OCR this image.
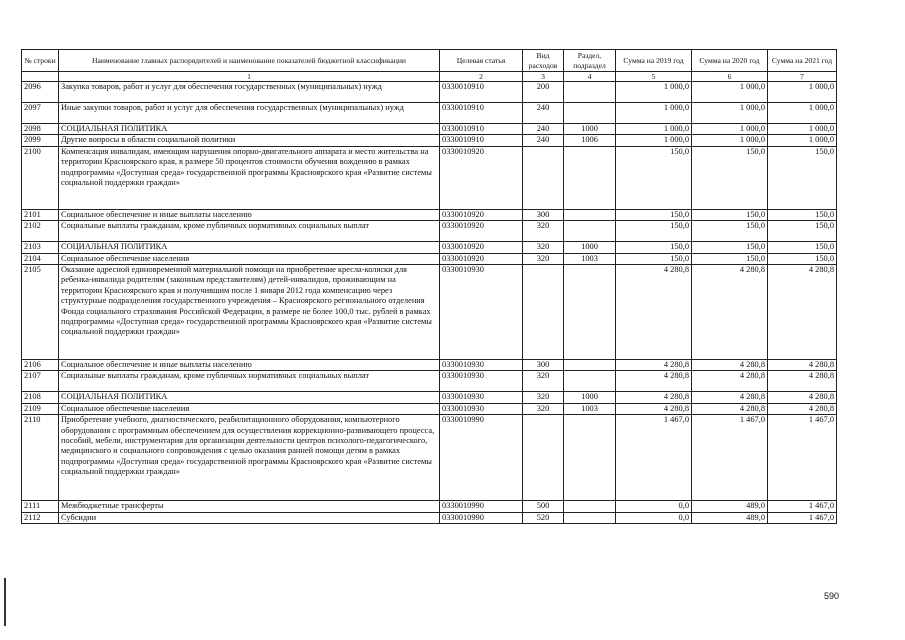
№ строки	Наименование главных распорядителей и наименование показателей бюджетной классификации	Целевая статья	Вид расходов	Раздел, подраздел	Сумма на 2019 год	Сумма на 2020 год	Сумма на 2021 год
	1	2	3	4	5	6	7
2096	Закупка товаров, работ и услуг для обеспечения государственных (муниципальных) нужд	0330010910	200		1 000,0	1 000,0	1 000,0
2097	Иные закупки товаров, работ и услуг для обеспечения государственных (муниципальных) нужд	0330010910	240		1 000,0	1 000,0	1 000,0
2098	СОЦИАЛЬНАЯ ПОЛИТИКА	0330010910	240	1000	1 000,0	1 000,0	1 000,0
2099	Другие вопросы в области социальной политики	0330010910	240	1006	1 000,0	1 000,0	1 000,0
2100	Компенсация инвалидам, имеющим нарушения опорно-двигательного аппарата и место жительства на территории Красноярского края, в размере 50 процентов стоимости обучения вождению в рамках подпрограммы «Доступная среда» государственной программы Красноярского края «Развитие системы социальной поддержки граждан»	0330010920			150,0	150,0	150,0
2101	Социальное обеспечение и иные выплаты населению	0330010920	300		150,0	150,0	150,0
2102	Социальные выплаты гражданам, кроме публичных нормативных социальных выплат	0330010920	320		150,0	150,0	150,0
2103	СОЦИАЛЬНАЯ ПОЛИТИКА	0330010920	320	1000	150,0	150,0	150,0
2104	Социальное обеспечение населения	0330010920	320	1003	150,0	150,0	150,0
2105	Оказание адресной единовременной материальной помощи на приобретение кресла-коляски для ребенка-инвалида родителям (законным представителям) детей-инвалидов, проживающим на территории Красноярского края и получившим после 1 января 2012 года компенсацию через структурные подразделения государственного учреждения – Красноярского регионального отделения Фонда социального страхования Российской Федерации, в размере не более 100,0 тыс. рублей в рамках подпрограммы «Доступная среда» государственной программы Красноярского края «Развитие системы социальной поддержки граждан»	0330010930			4 280,8	4 280,8	4 280,8
2106	Социальное обеспечение и иные выплаты населению	0330010930	300		4 280,8	4 280,8	4 280,8
2107	Социальные выплаты гражданам, кроме публичных нормативных социальных выплат	0330010930	320		4 280,8	4 280,8	4 280,8
2108	СОЦИАЛЬНАЯ ПОЛИТИКА	0330010930	320	1000	4 280,8	4 280,8	4 280,8
2109	Социальное обеспечение населения	0330010930	320	1003	4 280,8	4 280,8	4 280,8
2110	Приобретение учебного, диагностического, реабилитационного оборудования, компьютерного оборудования с программным обеспечением для осуществления коррекционно-развивающего процесса, пособий, мебели, инструментария для организации деятельности центров психолого-педагогического, медицинского и социального сопровождения с целью оказания ранней помощи детям в рамках подпрограммы «Доступная среда» государственной программы Красноярского края «Развитие системы социальной поддержки граждан»	0330010990			1 467,0	1 467,0	1 467,0
2111	Межбюджетные трансферты	0330010990	500		0,0	489,0	1 467,0
2112	Субсидии	0330010990	520		0,0	489,0	1 467,0
590
